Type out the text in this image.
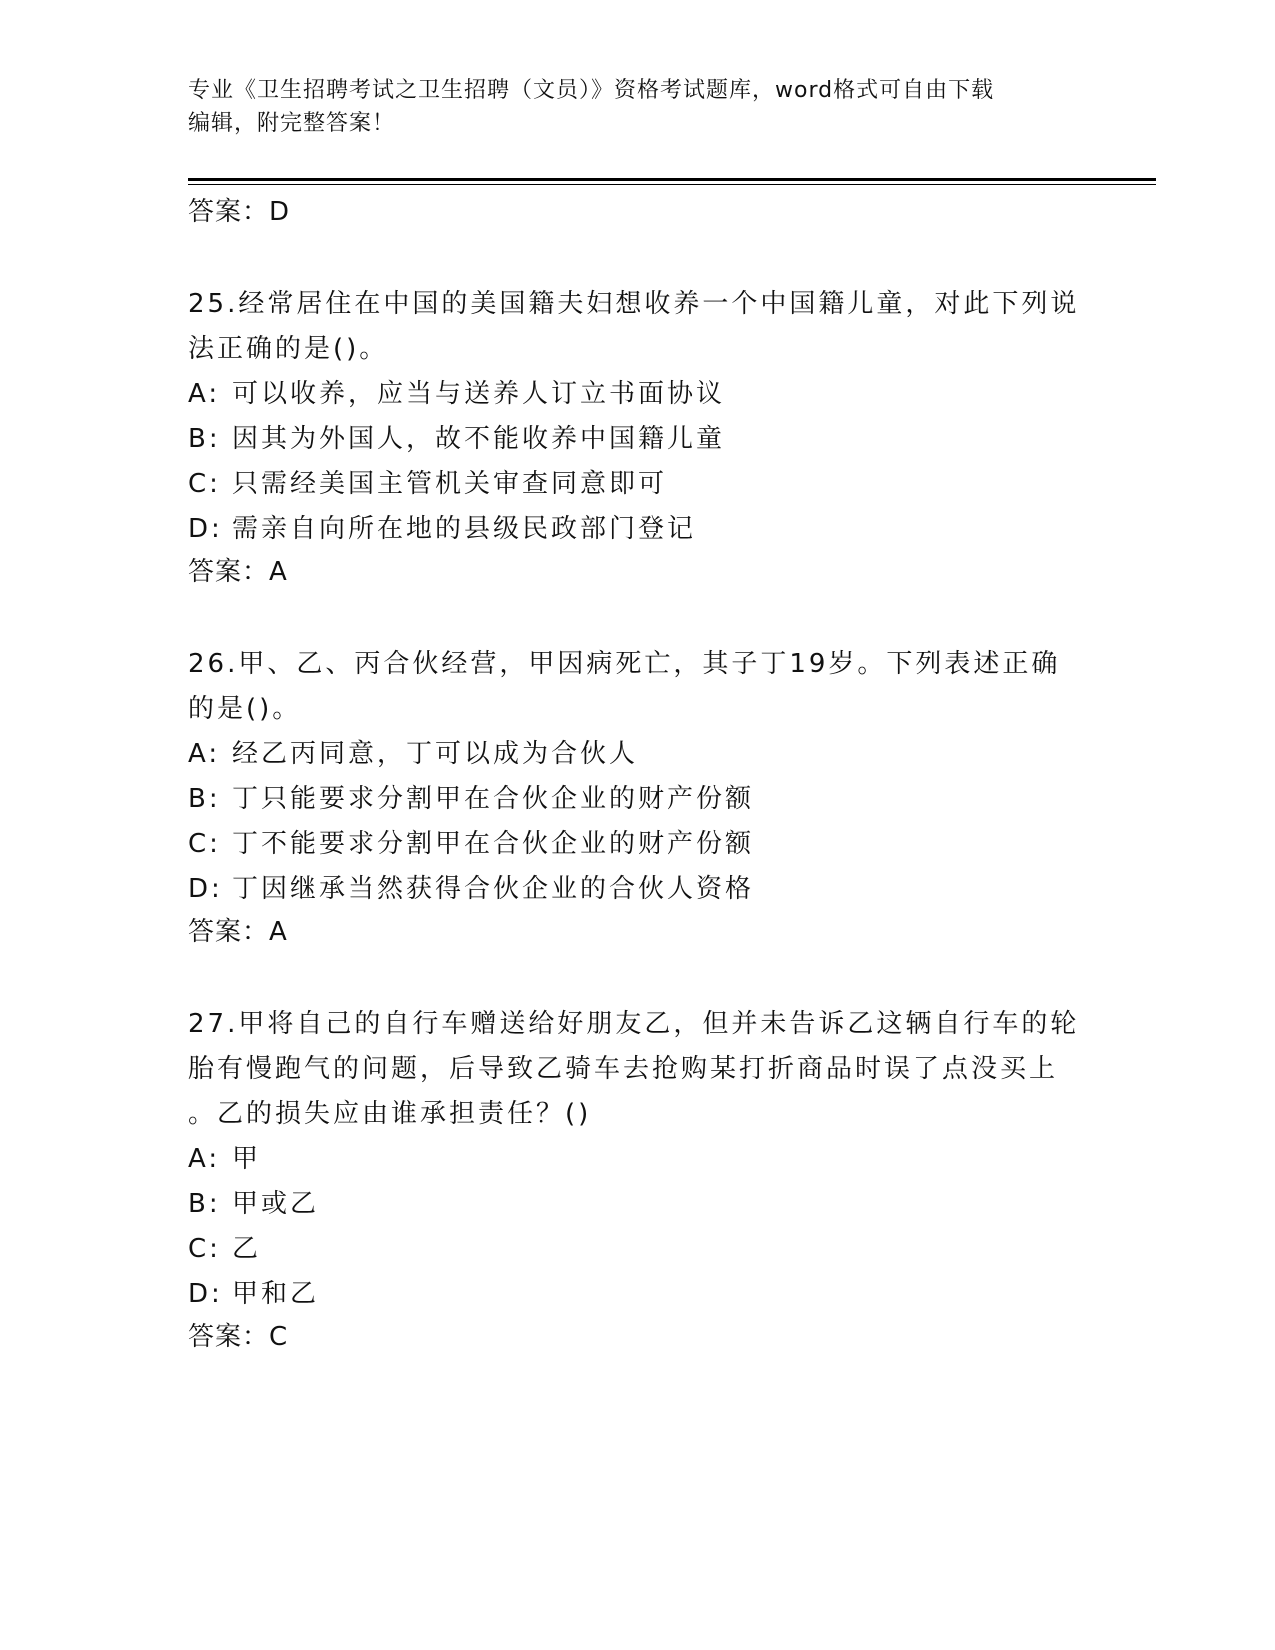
专业《卫生招聘考试之卫生招聘（文员）》资格考试题库，word格式可自由下载
编辑，附完整答案！
答案：D
25.经常居住在中国的美国籍夫妇想收养一个中国籍儿童，对此下列说
法正确的是()。
A: 可以收养，应当与送养人订立书面协议
B: 因其为外国人，故不能收养中国籍儿童
C: 只需经美国主管机关审查同意即可
D: 需亲自向所在地的县级民政部门登记
答案：A
26.甲、乙、丙合伙经营，甲因病死亡，其子丁19岁。下列表述正确
的是()。
A: 经乙丙同意，丁可以成为合伙人
B: 丁只能要求分割甲在合伙企业的财产份额
C: 丁不能要求分割甲在合伙企业的财产份额
D: 丁因继承当然获得合伙企业的合伙人资格
答案：A
27.甲将自己的自行车赠送给好朋友乙，但并未告诉乙这辆自行车的轮
胎有慢跑气的问题，后导致乙骑车去抢购某打折商品时误了点没买上
。乙的损失应由谁承担责任？()
A: 甲
B: 甲或乙
C: 乙
D: 甲和乙
答案：C
